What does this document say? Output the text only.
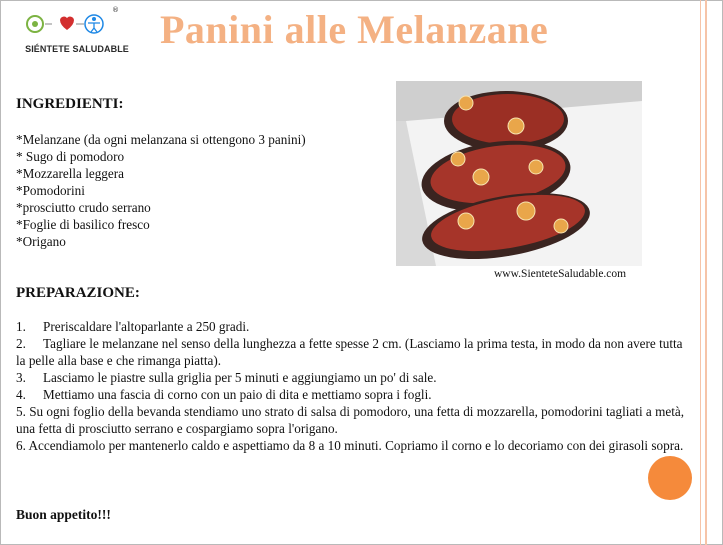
®
SIÉNTETE SALUDABLE Panini alle Melanzane
INGREDIENTI:
*Melanzane (da ogni melanzana si ottengono 3 panini)
* Sugo di pomodoro
*Mozzarella leggera
*Pomodorini
*prosciutto crudo serrano
*Foglie di basilico fresco
*Origano
www.SienteteSaludable.com
PREPARAZIONE:
1. Preriscaldare l'altoparlante a 250 gradi.
2. Tagliare le melanzane nel senso della lunghezza a fette spesse 2 cm. (Lasciamo la prima testa, in modo da non avere tutta la pelle alla base e che rimanga piatta).
3. Lasciamo le piastre sulla griglia per 5 minuti e aggiungiamo un po' di sale.
4. Mettiamo una fascia di corno con un paio di dita e mettiamo sopra i fogli.
5. Su ogni foglio della bevanda stendiamo uno strato di salsa di pomodoro, una fetta di mozzarella, pomodorini tagliati a metà, una fetta di prosciutto serrano e cospargiamo sopra l'origano.
6. Accendiamolo per mantenerlo caldo e aspettiamo da 8 a 10 minuti. Copriamo il corno e lo decoriamo con dei girasoli sopra.
Buon appetito!!!
